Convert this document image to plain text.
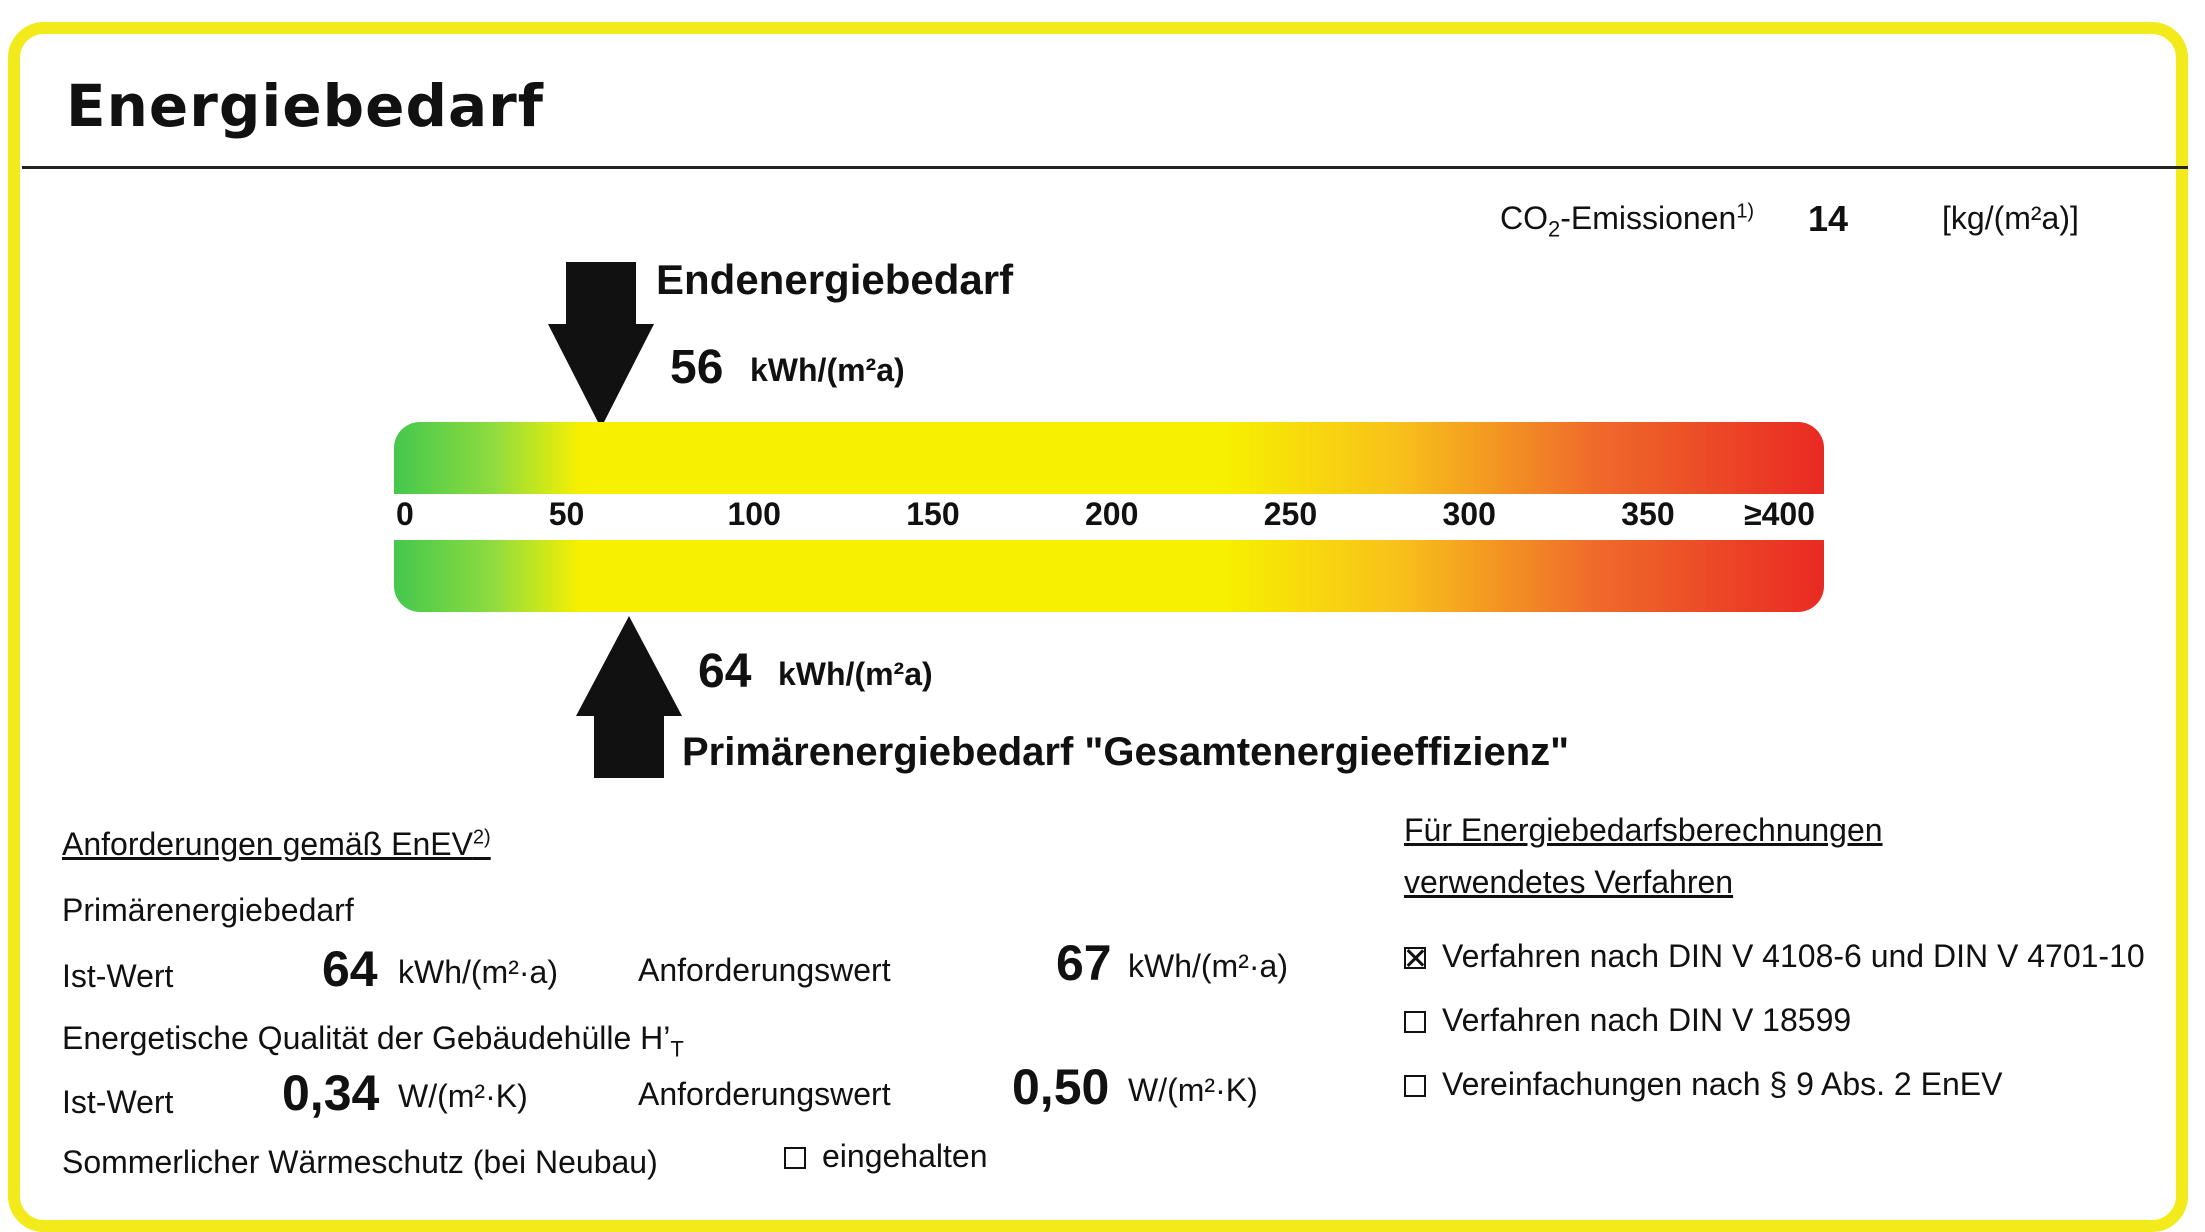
Energiebedarf
$CO_2-Emissionen^{1)}$ 14	[kg/(m²a)]
Endenergiebedarf
56 kWh/(m²a)
0	50	100	150	200	250	300	350 ≥400
64 kWh/(m²a)
Primärenergiebedarf "Gesamtenergieeffizienz"
Anforderungen gemäß EnEV$^{2)}$
Primärenergiebedarf
Ist-Wert	64 kWh/(m²·a)	Anforderungswert	67 kWh/(m²·a)
Energetische Qualität der Gebäudehülle $H’_T$
Ist-Wert 0,34 W/(m²·K)	Anforderungswert 0,50 W/(m²·K)
Sommerlicher Wärmeschutz (bei Neubau)	eingehalten
Für Energiebedarfsberechnungen
verwendetes Verfahren
Verfahren nach DIN V 4108-6 und DIN V 4701-10
Verfahren nach DIN V 18599
Vereinfachungen nach § 9 Abs. 2 EnEV
